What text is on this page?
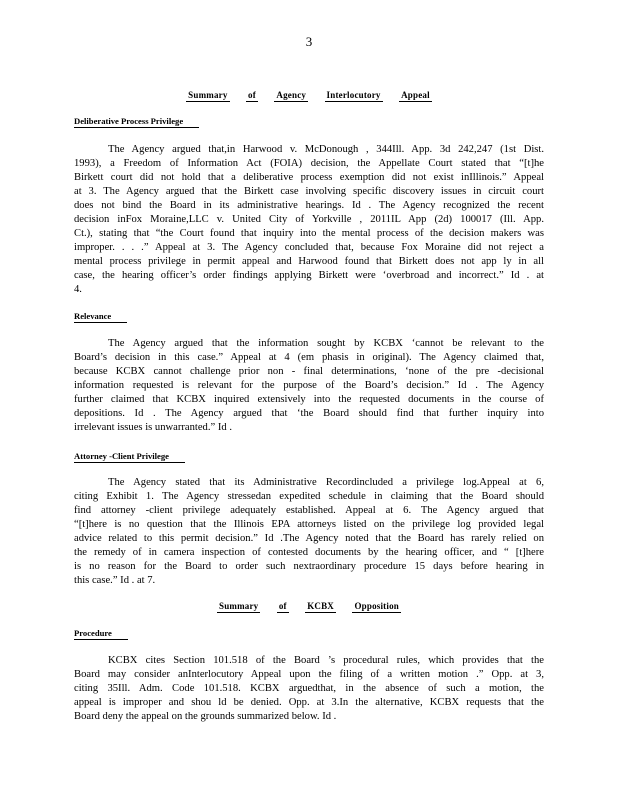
3
Summary of Agency Interlocutory Appeal
Deliberative Process Privilege
The Agency argued that,in Harwood v. McDonough , 344Ill. App. 3d 242,247 (1st Dist.
1993), a Freedom of Information Act (FOIA) decision, the Appellate Court stated that “[t]he
Birkett court did not hold that a deliberative process exemption did not exist inIllinois.” Appeal
at 3. The Agency argued that the Birkett case involving specific discovery issues in circuit court
does not bind the Board in its administrative hearings. Id . The Agency recognized the recent
decision inFox Moraine,LLC v. United City of Yorkville , 2011IL App (2d) 100017 (Ill. App.
Ct.), stating that “the Court found that inquiry into the mental process of the decision makers was
improper. . . .” Appeal at 3. The Agency concluded that, because Fox Moraine did not reject a
mental process privilege in permit appeal and Harwood found that Birkett does not app ly in all
case, the hearing officer’s order findings applying Birkett were ‘overbroad and incorrect.” Id . at
4.
Relevance
The Agency argued that the information sought by KCBX ‘cannot be relevant to the
Board’s decision in this case.” Appeal at 4 (em phasis in original). The Agency claimed that,
because KCBX cannot challenge prior non - final determinations, ‘none of the pre -decisional
information requested is relevant for the purpose of the Board’s decision.” Id . The Agency
further claimed that KCBX inquired extensively into the requested documents in the course of
depositions. Id . The Agency argued that ‘the Board should find that further inquiry into
irrelevant issues is unwarranted.” Id .
Attorney -Client Privilege
The Agency stated that its Administrative Recordincluded a privilege log.Appeal at 6,
citing Exhibit 1. The Agency stressedan expedited schedule in claiming that the Board should
find attorney -client privilege adequately established. Appeal at 6. The Agency argued that
“[t]here is no question that the Illinois EPA attorneys listed on the privilege log provided legal
advice related to this permit decision.” Id .The Agency noted that the Board has rarely relied on
the remedy of in camera inspection of contested documents by the hearing officer, and “ [t]here
is no reason for the Board to order such nextraordinary procedure 15 days before hearing in
this case.” Id . at 7.
Summary of KCBX Opposition
Procedure
KCBX cites Section 101.518 of the Board ’s procedural rules, which provides that the
Board may consider anInterlocutory Appeal upon the filing of a written motion .” Opp. at 3,
citing 35Ill. Adm. Code 101.518. KCBX arguedthat, in the absence of such a motion, the
appeal is improper and shou ld be denied. Opp. at 3.In the alternative, KCBX requests that the
Board deny the appeal on the grounds summarized below. Id .
